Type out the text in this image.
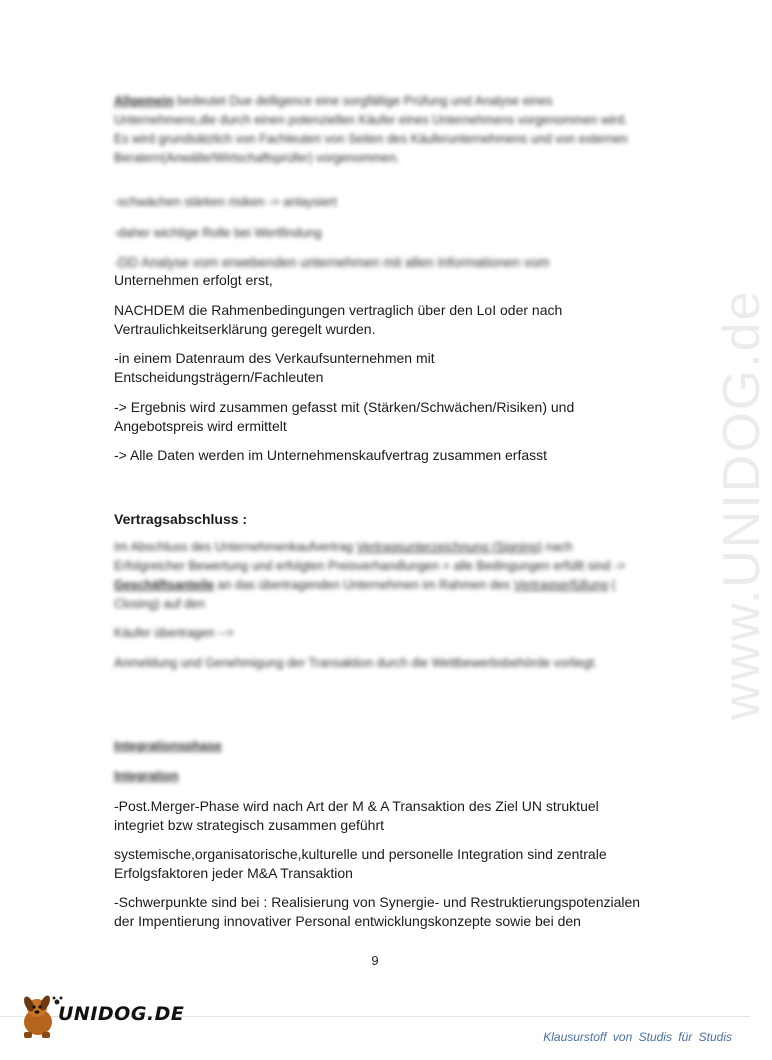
www.UNIDOG.de
Allgemein bedeutet Due delligence eine sorgfältige Prüfung und Analyse eines Unternehmens,die durch einen potenziellen Käufer eines Unternehmens vorgenommen wird. Es wird grundsätzlich von Fachleuten von Seiten des Käuferunternehmens und von externen Beratern(Anwälte/Wirtschaftsprüfer) vorgenommen.
-schwächen stärken risiken -> anlaysiert
-daher wichtige Rolle bei Wertfindung
-DD Analyse vom erwebenden unternehmen mit allen Informationen vom
Unternehmen erfolgt erst,
NACHDEM die Rahmenbedingungen vertraglich über den LoI oder nach Vertraulichkeitserklärung geregelt wurden.
-in einem Datenraum des Verkaufsunternehmen mit Entscheidungsträgern/Fachleuten
-> Ergebnis wird zusammen gefasst mit (Stärken/Schwächen/Risiken) und Angebotspreis wird ermittelt
-> Alle Daten werden im Unternehmenskaufvertrag zusammen erfasst
Vertragsabschluss :
Im Abschluss des Unternehmenkaufvertrag Vertragsunterzeichnung (Signing) nach Erfolgreicher Bewertung und erfolgten Preisverhandlungen = alle Bedingungen erfüllt sind -> Geschäftsanteile an das übertragenden Unternehmen im Rahmen des Vertragserfüllung ( Closing) auf den
Käufer übertragen -->
Anmeldung und Genehmigung der Transaktion durch die Wettbewerbsbehörde vorliegt.
Integrationsphase
Integration
-Post.Merger-Phase wird nach Art der M & A Transaktion des Ziel UN struktuel integriet bzw strategisch zusammen geführt
systemische,organisatorische,kulturelle und personelle Integration sind zentrale Erfolgsfaktoren jeder M&A Transaktion
-Schwerpunkte sind bei : Realisierung von Synergie- und Restruktierungspotenzialen der Impentierung innovativer Personal entwicklungskonzepte sowie bei den
9
UNIDOG.DE
Klausurstoff von Studis für Studis
